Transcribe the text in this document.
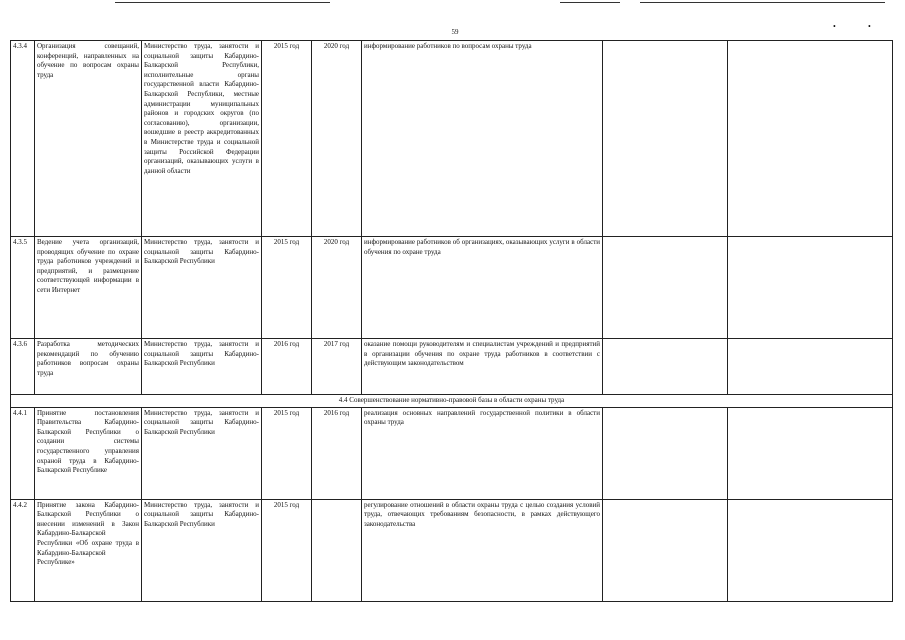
59
•	•
4.3.4	Организация совещаний, конференций, направленных на обучение по вопросам охраны труда	Министерство труда, занятости и социальной защиты Кабардино-Балкарской Республики, исполнительные органы государственной власти Кабардино-Балкарской Республики, местные администрации муниципальных районов и городских округов (по согласованию), организации, вошедшие в реестр аккредитованных в Министерстве труда и социальной защиты Российской Федерации организаций, оказывающих услуги в данной области	2015 год	2020 год	информирование работников по вопросам охраны труда		
4.3.5	Ведение учета организаций, проводящих обучение по охране труда работников учреждений и предприятий, и размещение соответствующей информации в сети Интернет	Министерство труда, занятости и социальной защиты Кабардино-Балкарской Республики	2015 год	2020 год	информирование работников об организациях, оказывающих услуги в области обучения по охране труда		
4.3.6	Разработка методических рекомендаций по обучению работников вопросам охраны труда	Министерство труда, занятости и социальной защиты Кабардино-Балкарской Республики	2016 год	2017 год	оказание помощи руководителям и специалистам учреждений и предприятий в организации обучения по охране труда работников в соответствии с действующим законодательством		
4.4 Совершенствование нормативно-правовой базы в области охраны труда							
4.4.1	Принятие постановления Правительства Кабардино-Балкарской Республики о создании системы государственного управления охраной труда в Кабардино-Балкарской Республике	Министерство труда, занятости и социальной защиты Кабардино-Балкарской Республики	2015 год	2016 год	реализация основных направлений государственной политики в области охраны труда		
4.4.2	Принятие закона Кабардино-Балкарской Республики о внесении изменений в Закон Кабардино-Балкарской Республики «Об охране труда в Кабардино-Балкарской Республике»	Министерство труда, занятости и социальной защиты Кабардино-Балкарской Республики	2015 год		регулирование отношений в области охраны труда с целью создания условий труда, отвечающих требованиям безопасности, в рамках действующего законодательства		
